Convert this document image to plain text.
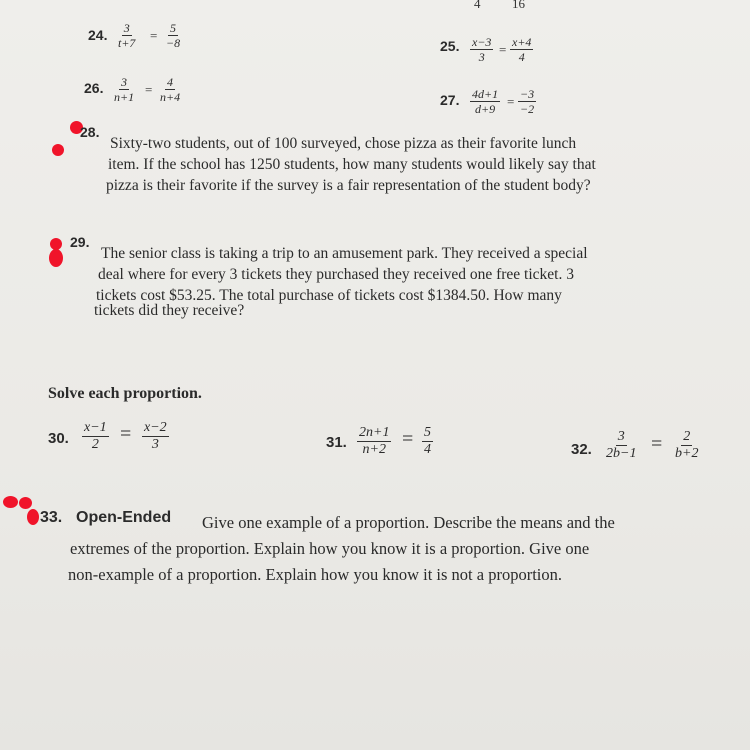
4 16
24. $\frac{3}{t+7} = \frac{5}{-8}$	25. $\frac{x-3}{3} = \frac{x+4}{4}$
26. $\frac{3}{n+1} = \frac{4}{n+4}$	27. $\frac{4d+1}{d+9} = \frac{-3}{-2}$
28.

Sixty-two students, out of 100 surveyed, chose pizza as their favorite lunch

item. If the school has 1250 students, how many students would likely say that

pizza is their favorite if the survey is a fair representation of the student body?

29.

The senior class is taking a trip to an amusement park. They received a special

deal where for every 3 tickets they purchased they received one free ticket. 3

tickets cost $53.25. The total purchase of tickets cost $1384.50. How many

tickets did they receive?

Solve each proportion.
30. $\frac{x-1}{2} = \frac{x-2}{3}$	31. $\frac{2n+1}{n+2} = \frac{5}{4}$	32. $\frac{3}{2b-1} = \frac{2}{b+2}$
33. Open-Ended Give one example of a proportion. Describe the means and the

extremes of the proportion. Explain how you know it is a proportion. Give one

non-example of a proportion. Explain how you know it is not a proportion.
